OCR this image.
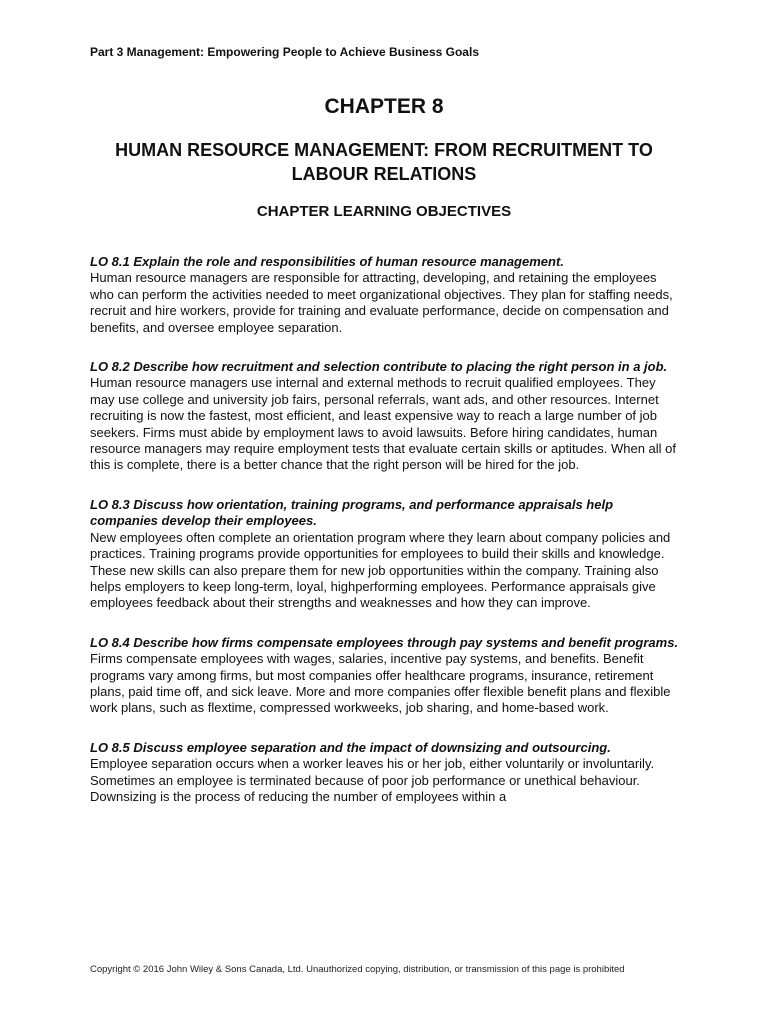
Part 3 Management: Empowering People to Achieve Business Goals
CHAPTER 8
HUMAN RESOURCE MANAGEMENT: FROM RECRUITMENT TO LABOUR RELATIONS
CHAPTER LEARNING OBJECTIVES

LO 8.1 Explain the role and responsibilities of human resource management.
Human resource managers are responsible for attracting, developing, and retaining the employees who can perform the activities needed to meet organizational objectives. They plan for staffing needs, recruit and hire workers, provide for training and evaluate performance, decide on compensation and benefits, and oversee employee separation.

LO 8.2 Describe how recruitment and selection contribute to placing the right person in a job.
Human resource managers use internal and external methods to recruit qualified employees. They may use college and university job fairs, personal referrals, want ads, and other resources. Internet recruiting is now the fastest, most efficient, and least expensive way to reach a large number of job seekers. Firms must abide by employment laws to avoid lawsuits. Before hiring candidates, human resource managers may require employment tests that evaluate certain skills or aptitudes. When all of this is complete, there is a better chance that the right person will be hired for the job.

LO 8.3 Discuss how orientation, training programs, and performance appraisals help companies develop their employees.
New employees often complete an orientation program where they learn about company policies and practices. Training programs provide opportunities for employees to build their skills and knowledge. These new skills can also prepare them for new job opportunities within the company. Training also helps employers to keep long-term, loyal, highperforming employees. Performance appraisals give employees feedback about their strengths and weaknesses and how they can improve.

LO 8.4 Describe how firms compensate employees through pay systems and benefit programs.
Firms compensate employees with wages, salaries, incentive pay systems, and benefits. Benefit programs vary among firms, but most companies offer healthcare programs, insurance, retirement plans, paid time off, and sick leave. More and more companies offer flexible benefit plans and flexible work plans, such as flextime, compressed workweeks, job sharing, and home-based work.

LO 8.5 Discuss employee separation and the impact of downsizing and outsourcing.
Employee separation occurs when a worker leaves his or her job, either voluntarily or involuntarily. Sometimes an employee is terminated because of poor job performance or unethical behaviour. Downsizing is the process of reducing the number of employees within a

Copyright © 2016 John Wiley & Sons Canada, Ltd. Unauthorized copying, distribution, or transmission of this page is prohibited
